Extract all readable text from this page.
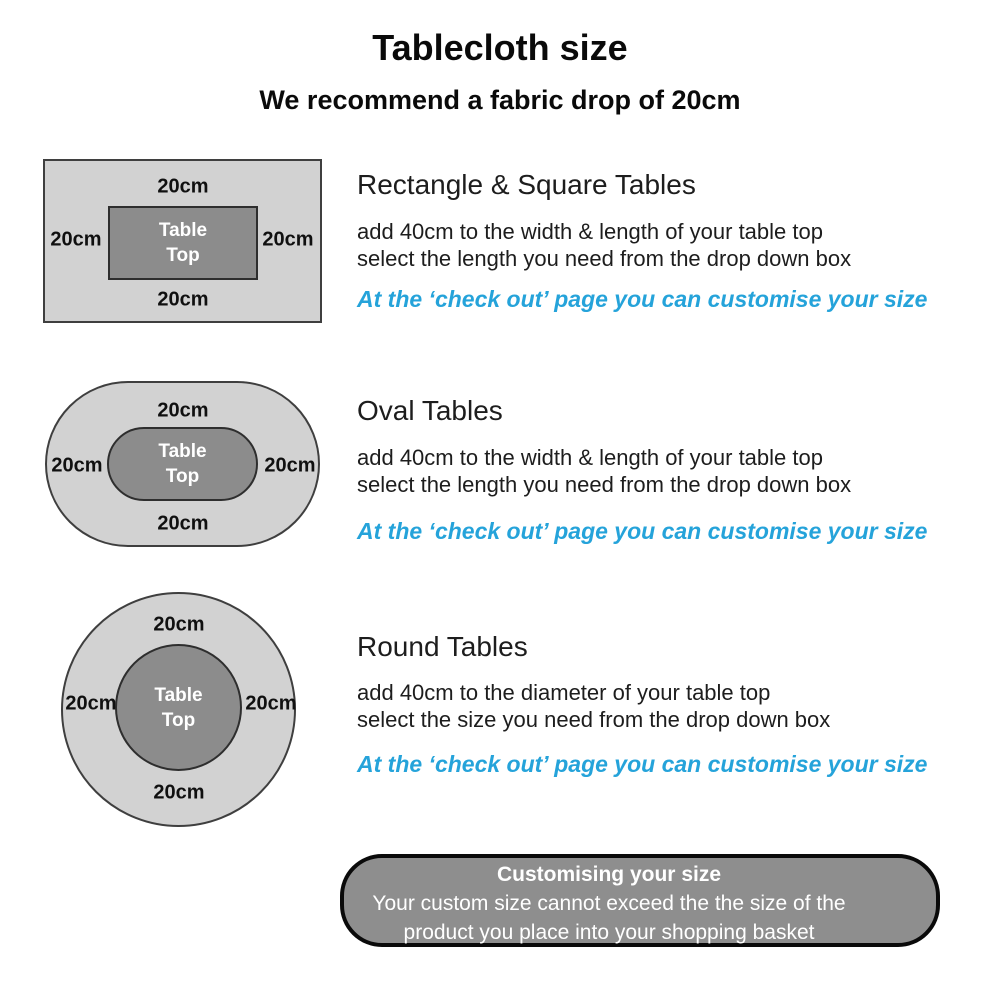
Tablecloth size
We recommend a fabric drop of 20cm
Table Top
20cm
20cm	20cm
20cm
Rectangle & Square Tables
add 40cm to the width & length of your table top
select the length you need from the drop down box
At the ‘check out’ page you can customise your size
Table Top
20cm
20cm	20cm
20cm
Oval Tables
add 40cm to the width & length of your table top
select the length you need from the drop down box
At the ‘check out’ page you can customise your size
Table Top
20cm
20cm	20cm
20cm
Round Tables
add 40cm to the diameter of your table top
select the size you need from the drop down box
At the ‘check out’ page you can customise your size
Customising your size
Your custom size cannot exceed the the size of the
product you place into your shopping basket
